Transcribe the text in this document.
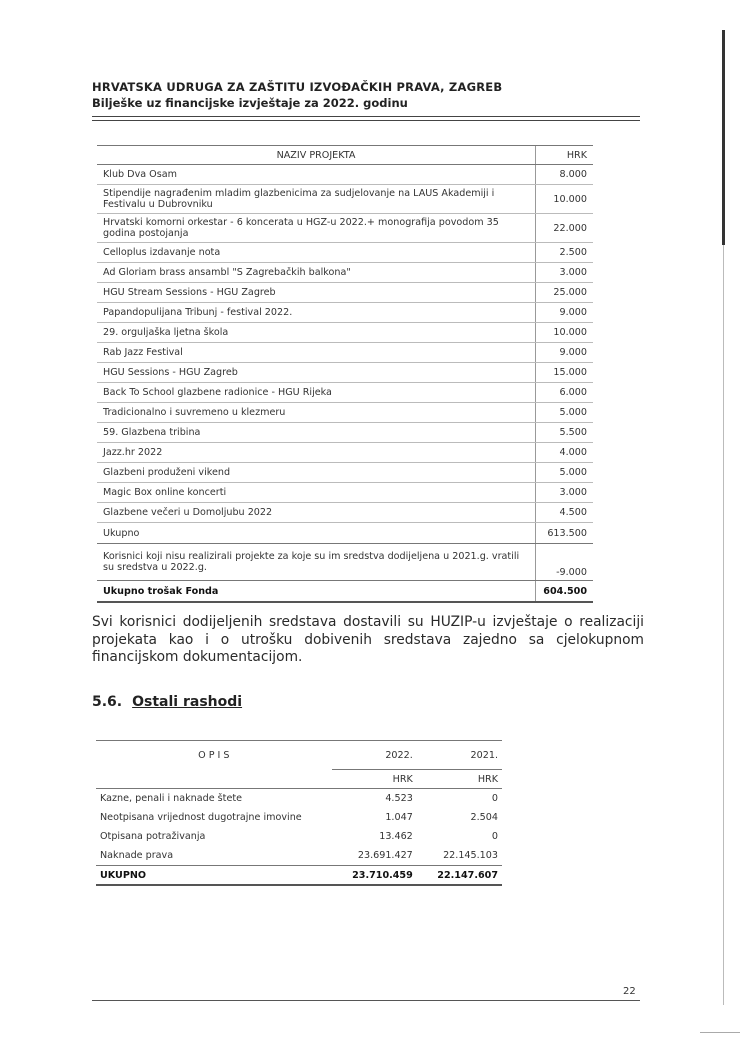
HRVATSKA UDRUGA ZA ZAŠTITU IZVOĐAČKIH PRAVA, ZAGREB
Bilješke uz financijske izvještaje za 2022. godinu
NAZIV PROJEKTA	HRK
Klub Dva Osam	8.000
Stipendije nagrađenim mladim glazbenicima za sudjelovanje na LAUS Akademiji i Festivalu u Dubrovniku	10.000
Hrvatski komorni orkestar - 6 koncerata u HGZ-u 2022.+ monografija povodom 35 godina postojanja	22.000
Celloplus izdavanje nota	2.500
Ad Gloriam brass ansambl "S Zagrebačkih balkona"	3.000
HGU Stream Sessions - HGU Zagreb	25.000
Papandopulijana Tribunj - festival 2022.	9.000
29. orguljaška ljetna škola	10.000
Rab Jazz Festival	9.000
HGU Sessions - HGU Zagreb	15.000
Back To School glazbene radionice - HGU Rijeka	6.000
Tradicionalno i suvremeno u klezmeru	5.000
59. Glazbena tribina	5.500
Jazz.hr 2022	4.000
Glazbeni produženi vikend	5.000
Magic Box online koncerti	3.000
Glazbene večeri u Domoljubu 2022	4.500
Ukupno	613.500
Korisnici koji nisu realizirali projekte za koje su im sredstva dodijeljena u 2021.g. vratili su sredstva u 2022.g.	-9.000
Ukupno trošak Fonda	604.500
Svi korisnici dodijeljenih sredstava dostavili su HUZIP-u izvještaje o realizaciji projekata kao i o utrošku dobivenih sredstava zajedno sa cjelokupnom financijskom dokumentacijom.
5.6. Ostali rashodi
O P I S	2022.	2021.
	HRK	HRK
Kazne, penali i naknade štete	4.523	0
Neotpisana vrijednost dugotrajne imovine	1.047	2.504
Otpisana potraživanja	13.462	0
Naknade prava	23.691.427	22.145.103
UKUPNO	23.710.459	22.147.607
22
